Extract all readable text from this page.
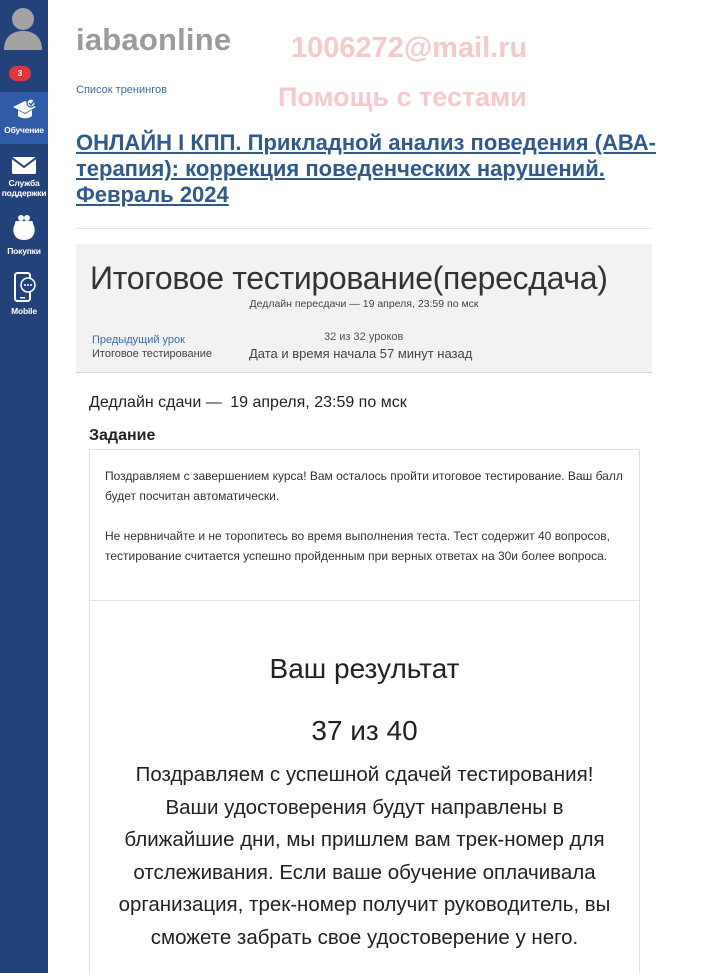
3
Обучение
Служба поддержки
Покупки
Mobile
iabaonline 1006272@mail.ru
Помощь с тестами
Список тренингов
ОНЛАЙН І КПП. Прикладной анализ поведения (АВА-терапия): коррекция поведенческих нарушений. Февраль 2024
Итоговое тестирование(пересдача)
Дедлайн пересдачи — 19 апреля, 23:59 по мск
Предыдущий урок
Итоговое тестирование
32 из 32 уроков
Дата и время начала 57 минут назад
Дедлайн сдачи — 19 апреля, 23:59 по мск
Задание

Поздравляем с завершением курса! Вам осталось пройти итоговое тестирование. Ваш балл будет посчитан автоматически.

Не нервничайте и не торопитесь во время выполнения теста. Тест содержит 40 вопросов, тестирование считается успешно пройденным при верных ответах на 30и более вопроса.

Ваш результат
37 из 40
Поздравляем с успешной сдачей тестирования! Ваши удостоверения будут направлены в ближайшие дни, мы пришлем вам трек-номер для отслеживания. Если ваше обучение оплачивала организация, трек-номер получит руководитель, вы сможете забрать свое удостоверение у него.
